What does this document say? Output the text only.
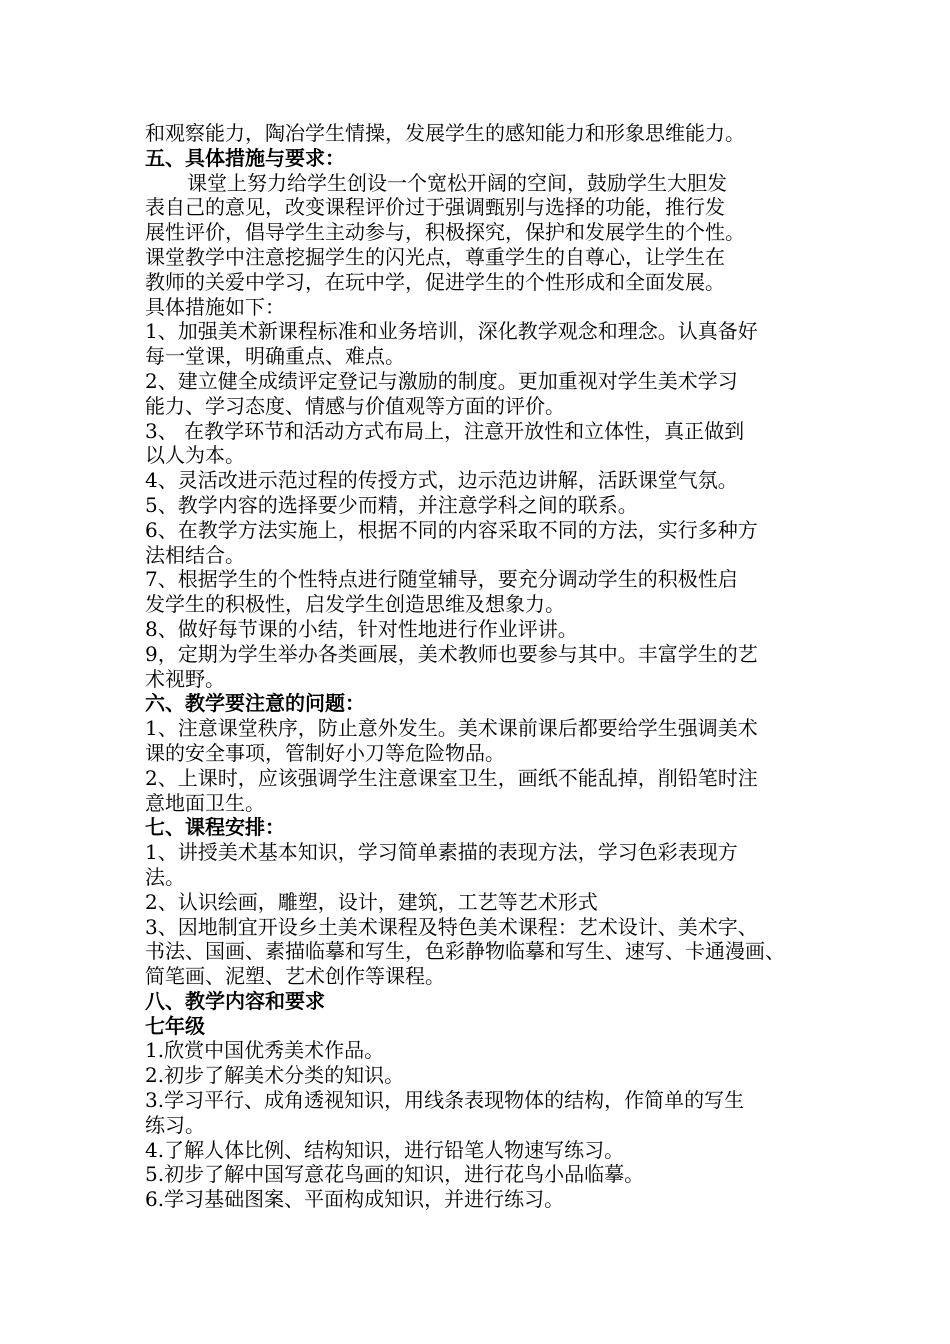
和观察能力，陶冶学生情操，发展学生的感知能力和形象思维能力。
五、具体措施与要求：
课堂上努力给学生创设一个宽松开阔的空间，鼓励学生大胆发
表自己的意见，改变课程评价过于强调甄别与选择的功能，推行发
展性评价，倡导学生主动参与，积极探究，保护和发展学生的个性。
课堂教学中注意挖掘学生的闪光点，尊重学生的自尊心，让学生在
教师的关爱中学习，在玩中学，促进学生的个性形成和全面发展。
具体措施如下：
1、加强美术新课程标准和业务培训，深化教学观念和理念。认真备好
每一堂课，明确重点、难点。
2、建立健全成绩评定登记与激励的制度。更加重视对学生美术学习
能力、学习态度、情感与价值观等方面的评价。
3、 在教学环节和活动方式布局上，注意开放性和立体性，真正做到
以人为本。
4、灵活改进示范过程的传授方式，边示范边讲解，活跃课堂气氛。
5、教学内容的选择要少而精，并注意学科之间的联系。
6、在教学方法实施上，根据不同的内容采取不同的方法，实行多种方
法相结合。
7、根据学生的个性特点进行随堂辅导，要充分调动学生的积极性启
发学生的积极性，启发学生创造思维及想象力。
8、做好每节课的小结，针对性地进行作业评讲。
9，定期为学生举办各类画展，美术教师也要参与其中。丰富学生的艺
术视野。
六、教学要注意的问题：
1、注意课堂秩序，防止意外发生。美术课前课后都要给学生强调美术
课的安全事项，管制好小刀等危险物品。
2、上课时，应该强调学生注意课室卫生，画纸不能乱掉，削铅笔时注
意地面卫生。
七、课程安排：
1、讲授美术基本知识，学习简单素描的表现方法，学习色彩表现方
法。
2、认识绘画，雕塑，设计，建筑，工艺等艺术形式
3、因地制宜开设乡土美术课程及特色美术课程：艺术设计、美术字、
书法、国画、素描临摹和写生，色彩静物临摹和写生、速写、卡通漫画、
简笔画、泥塑、艺术创作等课程。
八、教学内容和要求
七年级
1.欣赏中国优秀美术作品。
2.初步了解美术分类的知识。
3.学习平行、成角透视知识，用线条表现物体的结构，作简单的写生
练习。
4.了解人体比例、结构知识，进行铅笔人物速写练习。
5.初步了解中国写意花鸟画的知识，进行花鸟小品临摹。
6.学习基础图案、平面构成知识，并进行练习。
